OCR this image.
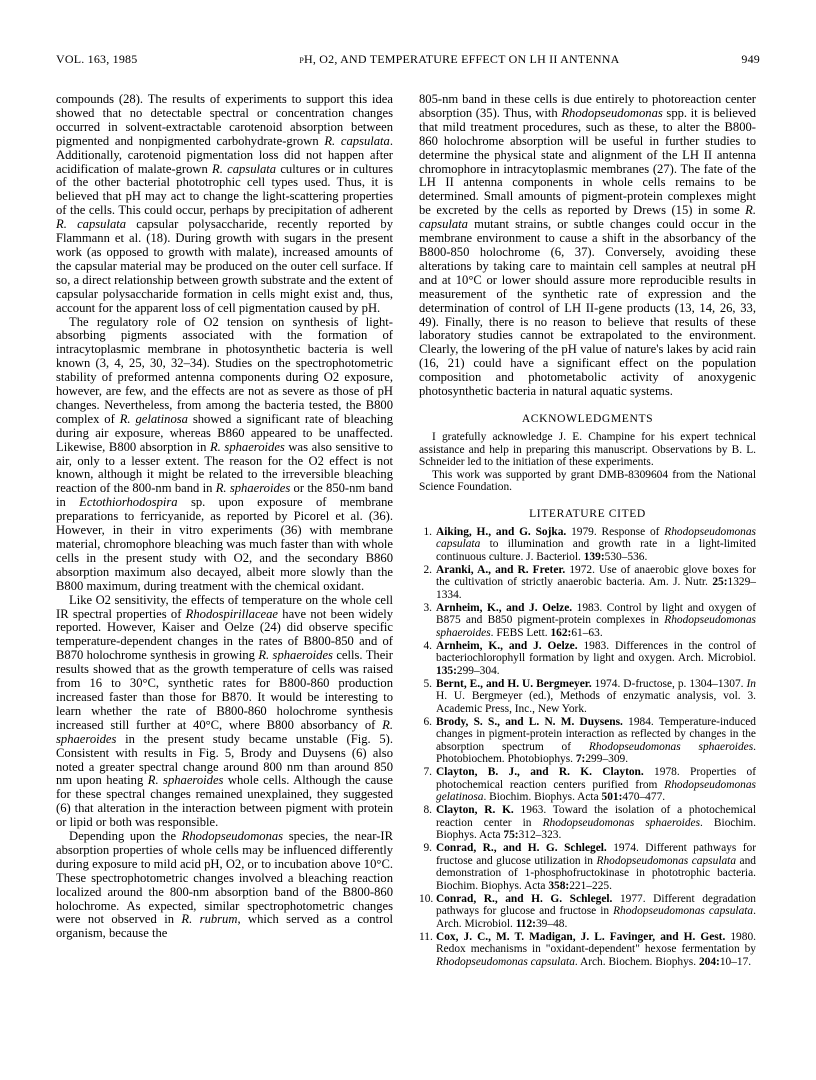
VOL. 163, 1985	pH, O2, AND TEMPERATURE EFFECT ON LH II ANTENNA	949

compounds (28). The results of experiments to support this idea showed that no detectable spectral or concentration changes occurred in solvent-extractable carotenoid absorption between pigmented and nonpigmented carbohydrate-grown R. capsulata. Additionally, carotenoid pigmentation loss did not happen after acidification of malate-grown R. capsulata cultures or in cultures of the other bacterial phototrophic cell types used. Thus, it is believed that pH may act to change the light-scattering properties of the cells. This could occur, perhaps by precipitation of adherent R. capsulata capsular polysaccharide, recently reported by Flammann et al. (18). During growth with sugars in the present work (as opposed to growth with malate), increased amounts of the capsular material may be produced on the outer cell surface. If so, a direct relationship between growth substrate and the extent of capsular polysaccharide formation in cells might exist and, thus, account for the apparent loss of cell pigmentation caused by pH.

The regulatory role of O2 tension on synthesis of light-absorbing pigments associated with the formation of intracytoplasmic membrane in photosynthetic bacteria is well known (3, 4, 25, 30, 32–34). Studies on the spectrophotometric stability of preformed antenna components during O2 exposure, however, are few, and the effects are not as severe as those of pH changes. Nevertheless, from among the bacteria tested, the B800 complex of R. gelatinosa showed a significant rate of bleaching during air exposure, whereas B860 appeared to be unaffected. Likewise, B800 absorption in R. sphaeroides was also sensitive to air, only to a lesser extent. The reason for the O2 effect is not known, although it might be related to the irreversible bleaching reaction of the 800-nm band in R. sphaeroides or the 850-nm band in Ectothiorhodospira sp. upon exposure of membrane preparations to ferricyanide, as reported by Picorel et al. (36). However, in their in vitro experiments (36) with membrane material, chromophore bleaching was much faster than with whole cells in the present study with O2, and the secondary B860 absorption maximum also decayed, albeit more slowly than the B800 maximum, during treatment with the chemical oxidant.

Like O2 sensitivity, the effects of temperature on the whole cell IR spectral properties of Rhodospirillaceae have not been widely reported. However, Kaiser and Oelze (24) did observe specific temperature-dependent changes in the rates of B800-850 and of B870 holochrome synthesis in growing R. sphaeroides cells. Their results showed that as the growth temperature of cells was raised from 16 to 30°C, synthetic rates for B800-860 production increased faster than those for B870. It would be interesting to learn whether the rate of B800-860 holochrome synthesis increased still further at 40°C, where B800 absorbancy of R. sphaeroides in the present study became unstable (Fig. 5). Consistent with results in Fig. 5, Brody and Duysens (6) also noted a greater spectral change around 800 nm than around 850 nm upon heating R. sphaeroides whole cells. Although the cause for these spectral changes remained unexplained, they suggested (6) that alteration in the interaction between pigment with protein or lipid or both was responsible.

Depending upon the Rhodopseudomonas species, the near-IR absorption properties of whole cells may be influenced differently during exposure to mild acid pH, O2, or to incubation above 10°C. These spectrophotometric changes involved a bleaching reaction localized around the 800-nm absorption band of the B800-860 holochrome. As expected, similar spectrophotometric changes were not observed in R. rubrum, which served as a control organism, because the

805-nm band in these cells is due entirely to photoreaction center absorption (35). Thus, with Rhodopseudomonas spp. it is believed that mild treatment procedures, such as these, to alter the B800-860 holochrome absorption will be useful in further studies to determine the physical state and alignment of the LH II antenna chromophore in intracytoplasmic membranes (27). The fate of the LH II antenna components in whole cells remains to be determined. Small amounts of pigment-protein complexes might be excreted by the cells as reported by Drews (15) in some R. capsulata mutant strains, or subtle changes could occur in the membrane environment to cause a shift in the absorbancy of the B800-850 holochrome (6, 37). Conversely, avoiding these alterations by taking care to maintain cell samples at neutral pH and at 10°C or lower should assure more reproducible results in measurement of the synthetic rate of expression and the determination of control of LH II-gene products (13, 14, 26, 33, 49). Finally, there is no reason to believe that results of these laboratory studies cannot be extrapolated to the environment. Clearly, the lowering of the pH value of nature's lakes by acid rain (16, 21) could have a significant effect on the population composition and photometabolic activity of anoxygenic photosynthetic bacteria in natural aquatic systems.

ACKNOWLEDGMENTS

I gratefully acknowledge J. E. Champine for his expert technical assistance and help in preparing this manuscript. Observations by B. L. Schneider led to the initiation of these experiments.

This work was supported by grant DMB-8309604 from the National Science Foundation.

LITERATURE CITED
1. Aiking, H., and G. Sojka. 1979. Response of Rhodopseudomonas capsulata to illumination and growth rate in a light-limited continuous culture. J. Bacteriol. 139:530–536.
2. Aranki, A., and R. Freter. 1972. Use of anaerobic glove boxes for the cultivation of strictly anaerobic bacteria. Am. J. Nutr. 25:1329–1334.
3. Arnheim, K., and J. Oelze. 1983. Control by light and oxygen of B875 and B850 pigment-protein complexes in Rhodopseudomonas sphaeroides. FEBS Lett. 162:61–63.
4. Arnheim, K., and J. Oelze. 1983. Differences in the control of bacteriochlorophyll formation by light and oxygen. Arch. Microbiol. 135:299–304.
5. Bernt, E., and H. U. Bergmeyer. 1974. D-fructose, p. 1304–1307. In H. U. Bergmeyer (ed.), Methods of enzymatic analysis, vol. 3. Academic Press, Inc., New York.
6. Brody, S. S., and L. N. M. Duysens. 1984. Temperature-induced changes in pigment-protein interaction as reflected by changes in the absorption spectrum of Rhodopseudomonas sphaeroides. Photobiochem. Photobiophys. 7:299–309.
7. Clayton, B. J., and R. K. Clayton. 1978. Properties of photochemical reaction centers purified from Rhodopseudomonas gelatinosa. Biochim. Biophys. Acta 501:470–477.
8. Clayton, R. K. 1963. Toward the isolation of a photochemical reaction center in Rhodopseudomonas sphaeroides. Biochim. Biophys. Acta 75:312–323.
9. Conrad, R., and H. G. Schlegel. 1974. Different pathways for fructose and glucose utilization in Rhodopseudomonas capsulata and demonstration of 1-phosphofructokinase in phototrophic bacteria. Biochim. Biophys. Acta 358:221–225.
10. Conrad, R., and H. G. Schlegel. 1977. Different degradation pathways for glucose and fructose in Rhodopseudomonas capsulata. Arch. Microbiol. 112:39–48.
11. Cox, J. C., M. T. Madigan, J. L. Favinger, and H. Gest. 1980. Redox mechanisms in "oxidant-dependent" hexose fermentation by Rhodopseudomonas capsulata. Arch. Biochem. Biophys. 204:10–17.
